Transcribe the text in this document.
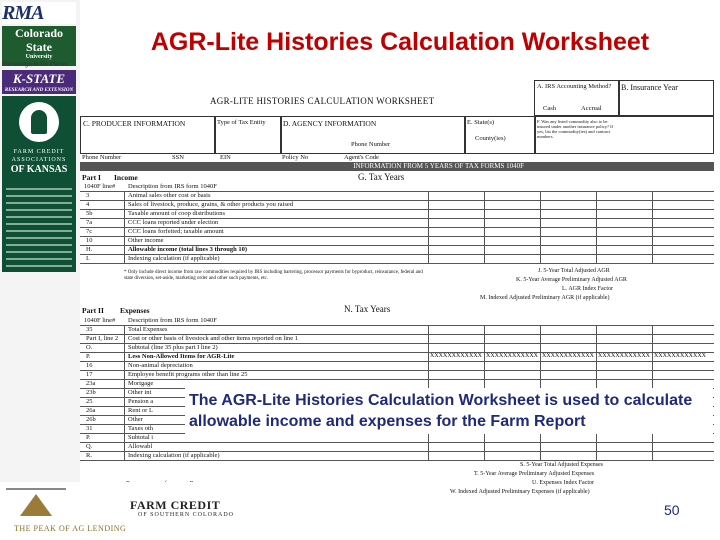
RMA
Colorado
State
University
Knowledge to Go Places
K-STATE
RESEARCH AND EXTENSION
FARM CREDIT
ASSOCIATIONS
OF KANSAS
AGR-Lite Histories Calculation Worksheet
AGR-LITE HISTORIES CALCULATION WORKSHEET
A. IRS Accounting Method?
Cash	Accrual
B. Insurance Year
C. PRODUCER INFORMATION	Type of Tax Entity D. AGENCY INFORMATION
Phone Number
E. State(s)
County(ies)
F. Was any listed commodity also to be insured under another insurance policy? If yes, list the commodity(ies) and contract numbers.
Phone Number	SSN	EIN	Policy No	Agent's Code
INFORMATION FROM 5 YEARS OF TAX FORMS 1040F
Part I Income	G. Tax Years
1040F line# Description from IRS form 1040F
3	Animal sales other cost or basis
4	Sales of livestock, produce, grains, & other products you raised
5b	Taxable amount of coop distributions
7a	CCC loans reported under election
7c	CCC loans forfeited; taxable amount
10	Other income
H.	Allowable income (total lines 3 through 10)
I.	Indexing calculation (if applicable)
* Only include direct income from raw commodities required by IRS including bartering, processor payments for byproduct, reinsurance, federal and state diversion, set-aside, marketing order and other such payments, etc.
J. 5-Year Total Adjusted AGR
K. 5-Year Average Preliminary Adjusted AGR
L. AGR Index Factor
M. Indexed Adjusted Preliminary AGR (if applicable)
Part II Expenses	N. Tax Years
1040F line# Description from IRS form 1040F
35	Total Expenses
Part I, line 2 Cost or other basis of livestock and other items reported on line 1
O.	Subtotal (line 35 plus part I line 2)
P.	Less Non-Allowed Items for AGR-Lite	XXXXXXXXXXXX XXXXXXXXXXXX XXXXXXXXXXXX XXXXXXXXXXXX XXXXXXXXXXXX
16	Non-animal depreciation
17	Employee benefit programs other than line 25
23a	Mortgage
23b	Other int
25	Pension a
26a	Rent or L
26b	Other
31	Taxes oth
P.	Subtotal i
Q.	Allowabl
R.	Indexing calculation (if applicable)
S. 5-Year Total Adjusted Expenses
T. 5-Year Average Preliminary Adjusted Expenses
U. Expenses Index Factor
W. Indexed Adjusted Preliminary Expenses (if applicable)

The AGR-Lite Histories Calculation Worksheet is used to calculate allowable income and expenses for the Farm Report

FARM CREDIT
OF SOUTHERN COLORADO
THE PEAK OF AG LENDING
50
